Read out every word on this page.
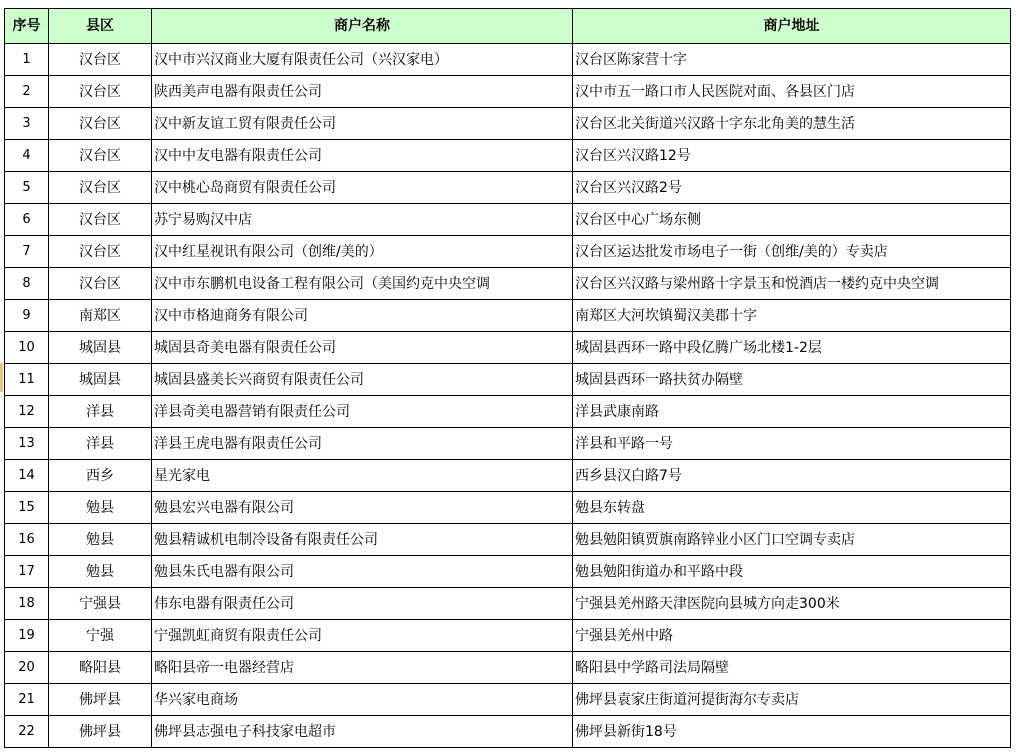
序号	县区	商户名称	商户地址
1	汉台区	汉中市兴汉商业大厦有限责任公司（兴汉家电）	汉台区陈家营十字
2	汉台区	陕西美声电器有限责任公司	汉中市五一路口市人民医院对面、各县区门店
3	汉台区	汉中新友谊工贸有限责任公司	汉台区北关街道兴汉路十字东北角美的慧生活
4	汉台区	汉中中友电器有限责任公司	汉台区兴汉路12号
5	汉台区	汉中桃心岛商贸有限责任公司	汉台区兴汉路2号
6	汉台区	苏宁易购汉中店	汉台区中心广场东侧
7	汉台区	汉中红星视讯有限公司（创维/美的）	汉台区运达批发市场电子一街（创维/美的）专卖店
8	汉台区	汉中市东鹏机电设备工程有限公司（美国约克中央空调	汉台区兴汉路与梁州路十字景玉和悦酒店一楼约克中央空调
9	南郑区	汉中市格迪商务有限公司	南郑区大河坎镇蜀汉美郡十字
10	城固县	城固县奇美电器有限责任公司	城固县西环一路中段亿腾广场北楼1-2层
11	城固县	城固县盛美长兴商贸有限责任公司	城固县西环一路扶贫办隔壁
12	洋县	洋县奇美电器营销有限责任公司	洋县武康南路
13	洋县	洋县王虎电器有限责任公司	洋县和平路一号
14	西乡	星光家电	西乡县汉白路7号
15	勉县	勉县宏兴电器有限公司	勉县东转盘
16	勉县	勉县精诚机电制冷设备有限责任公司	勉县勉阳镇贾旗南路锌业小区门口空调专卖店
17	勉县	勉县朱氏电器有限公司	勉县勉阳街道办和平路中段
18	宁强县	伟东电器有限责任公司	宁强县羌州路天津医院向县城方向走300米
19	宁强	宁强凯虹商贸有限责任公司	宁强县羌州中路
20	略阳县	略阳县帝一电器经营店	略阳县中学路司法局隔壁
21	佛坪县	华兴家电商场	佛坪县袁家庄街道河提街海尔专卖店
22	佛坪县	佛坪县志强电子科技家电超市	佛坪县新街18号
